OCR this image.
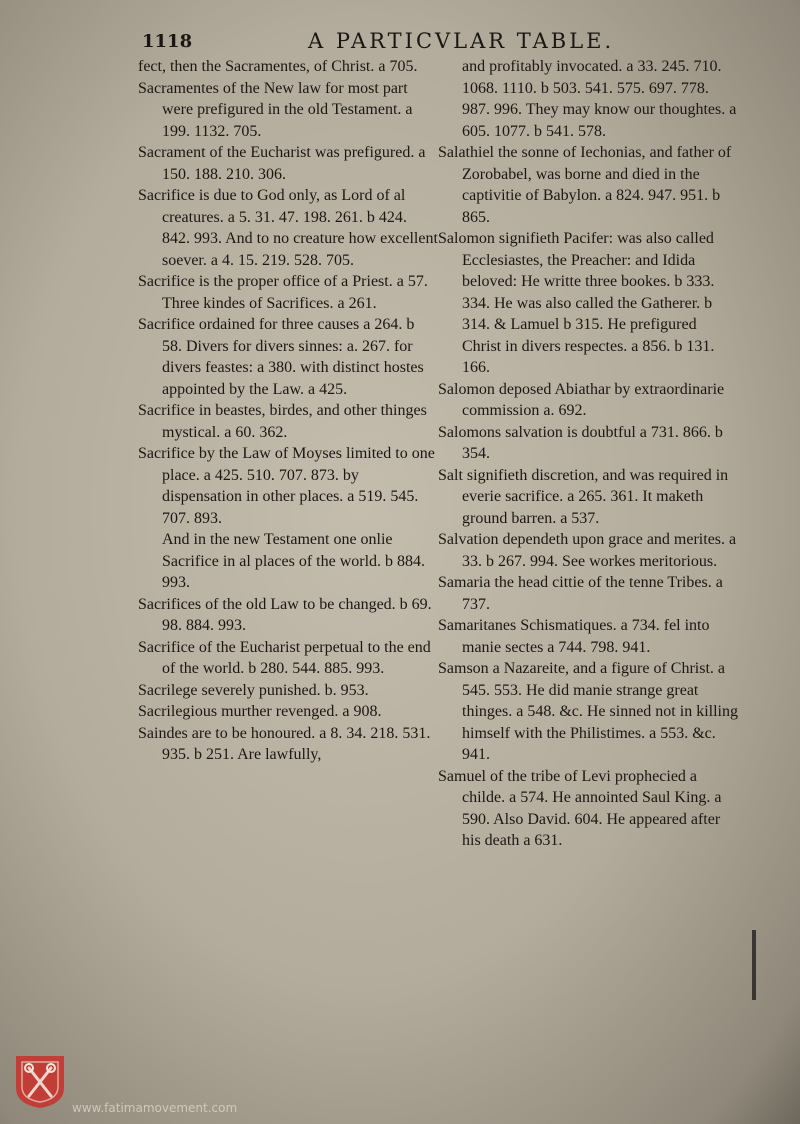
1118	A PARTICVLAR TABLE.

fect, then the Sacramentes, of Christ. a 705.

Sacramentes of the New law for most part were prefigured in the old Testament. a 199. 1132. 705.

Sacrament of the Eucharist was prefigured. a 150. 188. 210. 306.

Sacrifice is due to God only, as Lord of al creatures. a 5. 31. 47. 198. 261. b 424. 842. 993. And to no creature how excellent soever. a 4. 15. 219. 528. 705.

Sacrifice is the proper office of a Priest. a 57. Three kindes of Sacrifices. a 261.

Sacrifice ordained for three causes a 264. b 58. Divers for divers sinnes: a. 267. for divers feastes: a 380. with distinct hostes appointed by the Law. a 425.

Sacrifice in beastes, birdes, and other thinges mystical. a 60. 362.

Sacrifice by the Law of Moyses limited to one place. a 425. 510. 707. 873. by dispensation in other places. a 519. 545. 707. 893.

And in the new Testament one onlie Sacrifice in al places of the world. b 884. 993.

Sacrifices of the old Law to be changed. b 69. 98. 884. 993.

Sacrifice of the Eucharist perpetual to the end of the world. b 280. 544. 885. 993.

Sacrilege severely punished. b. 953.

Sacrilegious murther revenged. a 908.

Saindes are to be honoured. a 8. 34. 218. 531. 935. b 251. Are lawfully,

and profitably invocated. a 33. 245. 710. 1068. 1110. b 503. 541. 575. 697. 778. 987. 996. They may know our thoughtes. a 605. 1077. b 541. 578.

Salathiel the sonne of Iechonias, and father of Zorobabel, was borne and died in the captivitie of Babylon. a 824. 947. 951. b 865.

Salomon signifieth Pacifer: was also called Ecclesiastes, the Preacher: and Idida beloved: He writte three bookes. b 333. 334. He was also called the Gatherer. b 314. & Lamuel b 315. He prefigured Christ in divers respectes. a 856. b 131. 166.

Salomon deposed Abiathar by extraordinarie commission a. 692.

Salomons salvation is doubtful a 731. 866. b 354.

Salt signifieth discretion, and was required in everie sacrifice. a 265. 361. It maketh ground barren. a 537.

Salvation dependeth upon grace and merites. a 33. b 267. 994. See workes meritorious.

Samaria the head cittie of the tenne Tribes. a 737.

Samaritanes Schismatiques. a 734. fel into manie sectes a 744. 798. 941.

Samson a Nazareite, and a figure of Christ. a 545. 553. He did manie strange great thinges. a 548. &c. He sinned not in killing himself with the Philistimes. a 553. &c. 941.

Samuel of the tribe of Levi prophecied a childe. a 574. He annointed Saul King. a 590. Also David. 604. He appeared after his death a 631.

www.fatimamovement.com
